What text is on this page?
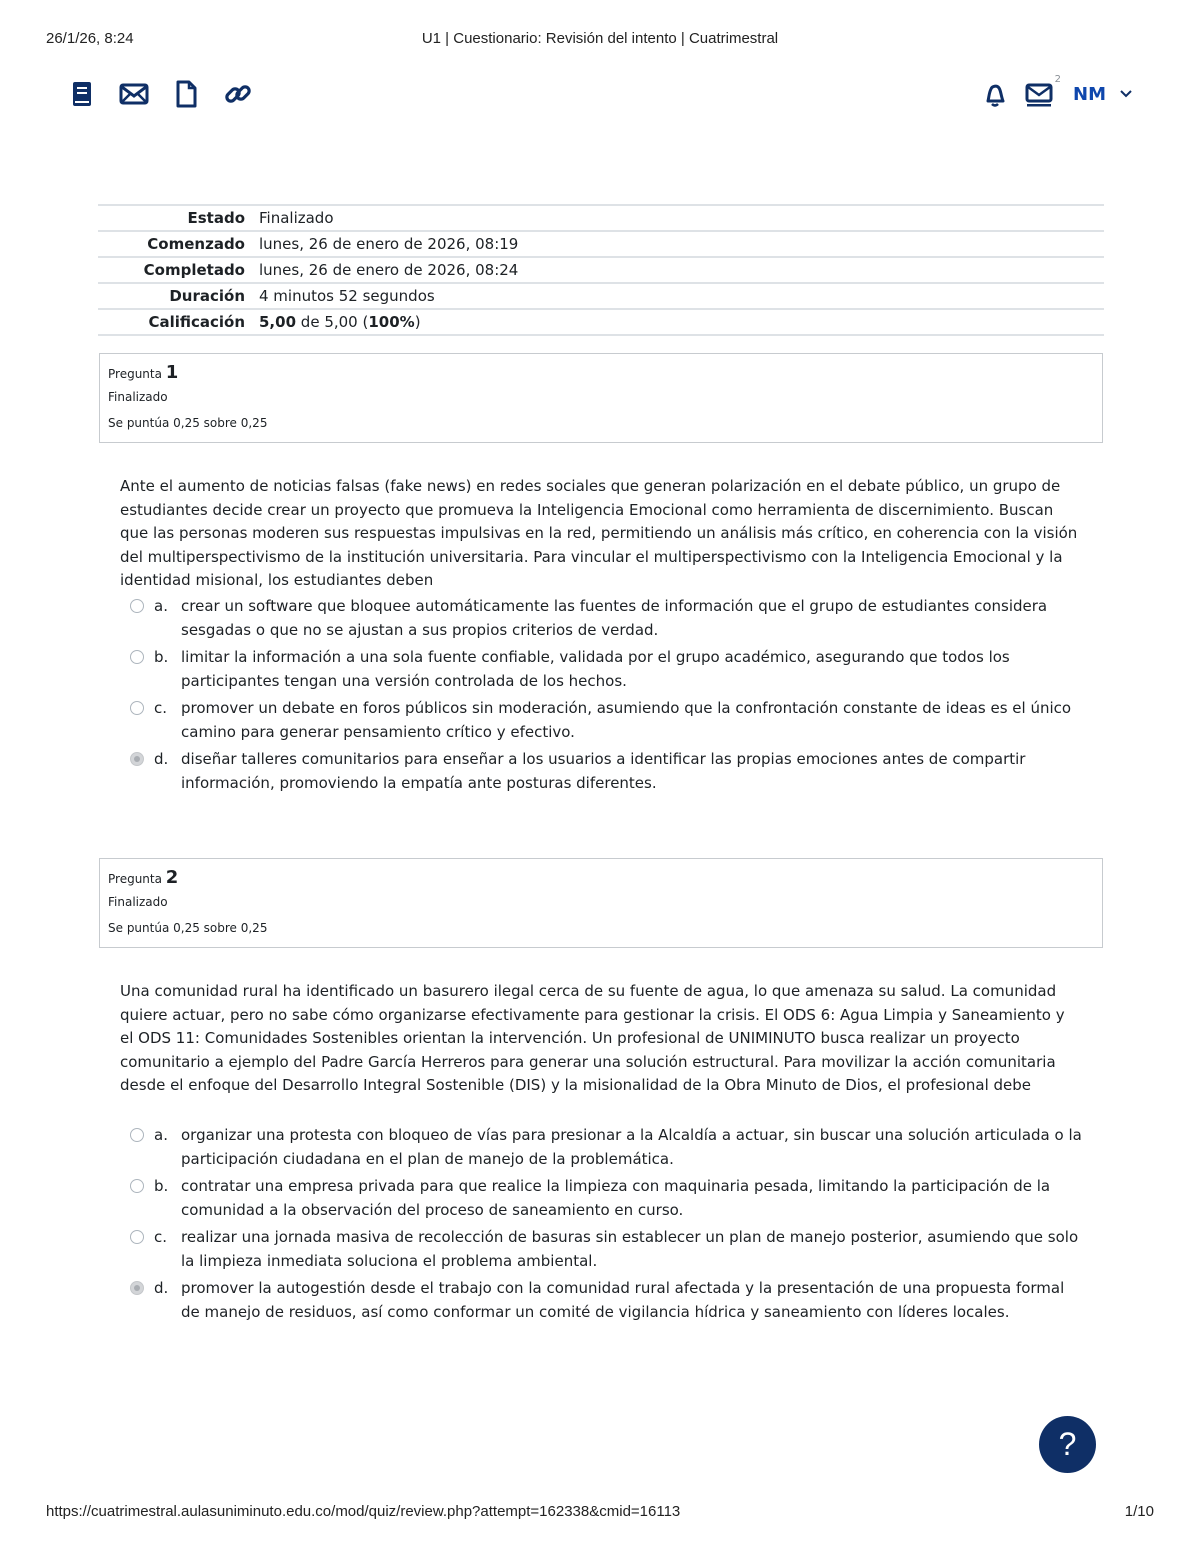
26/1/26, 8:24	U1 | Cuestionario: Revisión del intento | Cuatrimestral
2
NM
Estado	Finalizado
Comenzado	lunes, 26 de enero de 2026, 08:19
Completado	lunes, 26 de enero de 2026, 08:24
Duración	4 minutos 52 segundos
Calificación	5,00 de 5,00 (100%)
Pregunta 1
Finalizado
Se puntúa 0,25 sobre 0,25
Ante el aumento de noticias falsas (fake news) en redes sociales que generan polarización en el debate público, un grupo de estudiantes decide crear un proyecto que promueva la Inteligencia Emocional como herramienta de discernimiento. Buscan que las personas moderen sus respuestas impulsivas en la red, permitiendo un análisis más crítico, en coherencia con la visión del multiperspectivismo de la institución universitaria. Para vincular el multiperspectivismo con la Inteligencia Emocional y la identidad misional, los estudiantes deben
a. crear un software que bloquee automáticamente las fuentes de información que el grupo de estudiantes considera sesgadas o que no se ajustan a sus propios criterios de verdad.
b. limitar la información a una sola fuente confiable, validada por el grupo académico, asegurando que todos los participantes tengan una versión controlada de los hechos.
c. promover un debate en foros públicos sin moderación, asumiendo que la confrontación constante de ideas es el único camino para generar pensamiento crítico y efectivo.
d. diseñar talleres comunitarios para enseñar a los usuarios a identificar las propias emociones antes de compartir información, promoviendo la empatía ante posturas diferentes.
Pregunta 2
Finalizado
Se puntúa 0,25 sobre 0,25
Una comunidad rural ha identificado un basurero ilegal cerca de su fuente de agua, lo que amenaza su salud. La comunidad quiere actuar, pero no sabe cómo organizarse efectivamente para gestionar la crisis. El ODS 6: Agua Limpia y Saneamiento y el ODS 11: Comunidades Sostenibles orientan la intervención. Un profesional de UNIMINUTO busca realizar un proyecto comunitario a ejemplo del Padre García Herreros para generar una solución estructural. Para movilizar la acción comunitaria desde el enfoque del Desarrollo Integral Sostenible (DIS) y la misionalidad de la Obra Minuto de Dios, el profesional debe
a. organizar una protesta con bloqueo de vías para presionar a la Alcaldía a actuar, sin buscar una solución articulada o la participación ciudadana en el plan de manejo de la problemática.
b. contratar una empresa privada para que realice la limpieza con maquinaria pesada, limitando la participación de la comunidad a la observación del proceso de saneamiento en curso.
c. realizar una jornada masiva de recolección de basuras sin establecer un plan de manejo posterior, asumiendo que solo la limpieza inmediata soluciona el problema ambiental.
d. promover la autogestión desde el trabajo con la comunidad rural afectada y la presentación de una propuesta formal de manejo de residuos, así como conformar un comité de vigilancia hídrica y saneamiento con líderes locales.
?
https://cuatrimestral.aulasuniminuto.edu.co/mod/quiz/review.php?attempt=162338&cmid=16113	1/10
